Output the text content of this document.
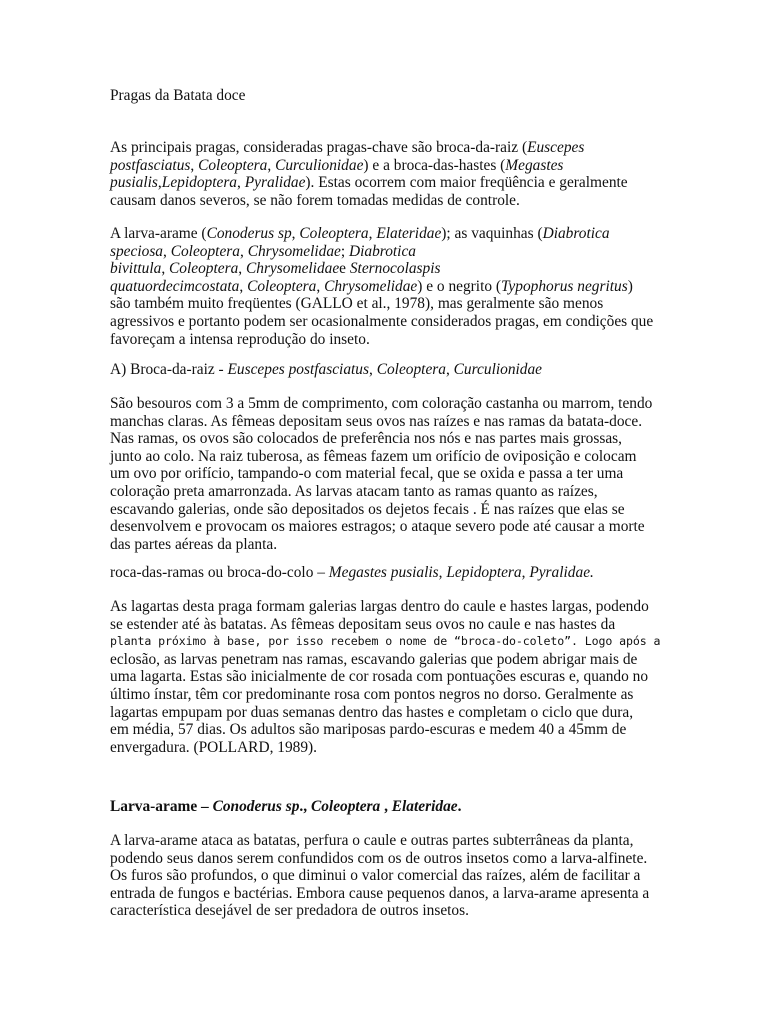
Pragas da Batata doce
As principais pragas, consideradas pragas-chave são broca-da-raiz (Euscepes
postfasciatus, Coleoptera, Curculionidae) e a broca-das-hastes (Megastes
pusialis,Lepidoptera, Pyralidae). Estas ocorrem com maior freqüência e geralmente
causam danos severos, se não forem tomadas medidas de controle.
A larva-arame (Conoderus sp, Coleoptera, Elateridae); as vaquinhas (Diabrotica
speciosa, Coleoptera, Chrysomelidae; Diabrotica
bivittula, Coleoptera, Chrysomelidaee Sternocolaspis
quatuordecimcostata, Coleoptera, Chrysomelidae) e o negrito (Typophorus negritus)
são também muito freqüentes (GALLO et al., 1978), mas geralmente são menos
agressivos e portanto podem ser ocasionalmente considerados pragas, em condições que
favoreçam a intensa reprodução do inseto.
A) Broca-da-raiz - Euscepes postfasciatus, Coleoptera, Curculionidae
São besouros com 3 a 5mm de comprimento, com coloração castanha ou marrom, tendo
manchas claras. As fêmeas depositam seus ovos nas raízes e nas ramas da batata-doce.
Nas ramas, os ovos são colocados de preferência nos nós e nas partes mais grossas,
junto ao colo. Na raiz tuberosa, as fêmeas fazem um orifício de oviposição e colocam
um ovo por orifício, tampando-o com material fecal, que se oxida e passa a ter uma
coloração preta amarronzada. As larvas atacam tanto as ramas quanto as raízes,
escavando galerias, onde são depositados os dejetos fecais . É nas raízes que elas se
desenvolvem e provocam os maiores estragos; o ataque severo pode até causar a morte
das partes aéreas da planta.
roca-das-ramas ou broca-do-colo – Megastes pusialis, Lepidoptera, Pyralidae.
As lagartas desta praga formam galerias largas dentro do caule e hastes largas, podendo
se estender até às batatas. As fêmeas depositam seus ovos no caule e nas hastes da
planta próximo à base, por isso recebem o nome de “broca-do-coleto”. Logo após a
eclosão, as larvas penetram nas ramas, escavando galerias que podem abrigar mais de
uma lagarta. Estas são inicialmente de cor rosada com pontuações escuras e, quando no
último ínstar, têm cor predominante rosa com pontos negros no dorso. Geralmente as
lagartas empupam por duas semanas dentro das hastes e completam o ciclo que dura,
em média, 57 dias. Os adultos são mariposas pardo-escuras e medem 40 a 45mm de
envergadura. (POLLARD, 1989).
Larva-arame – Conoderus sp., Coleoptera , Elateridae.
A larva-arame ataca as batatas, perfura o caule e outras partes subterrâneas da planta,
podendo seus danos serem confundidos com os de outros insetos como a larva-alfinete.
Os furos são profundos, o que diminui o valor comercial das raízes, além de facilitar a
entrada de fungos e bactérias. Embora cause pequenos danos, a larva-arame apresenta a
característica desejável de ser predadora de outros insetos.
